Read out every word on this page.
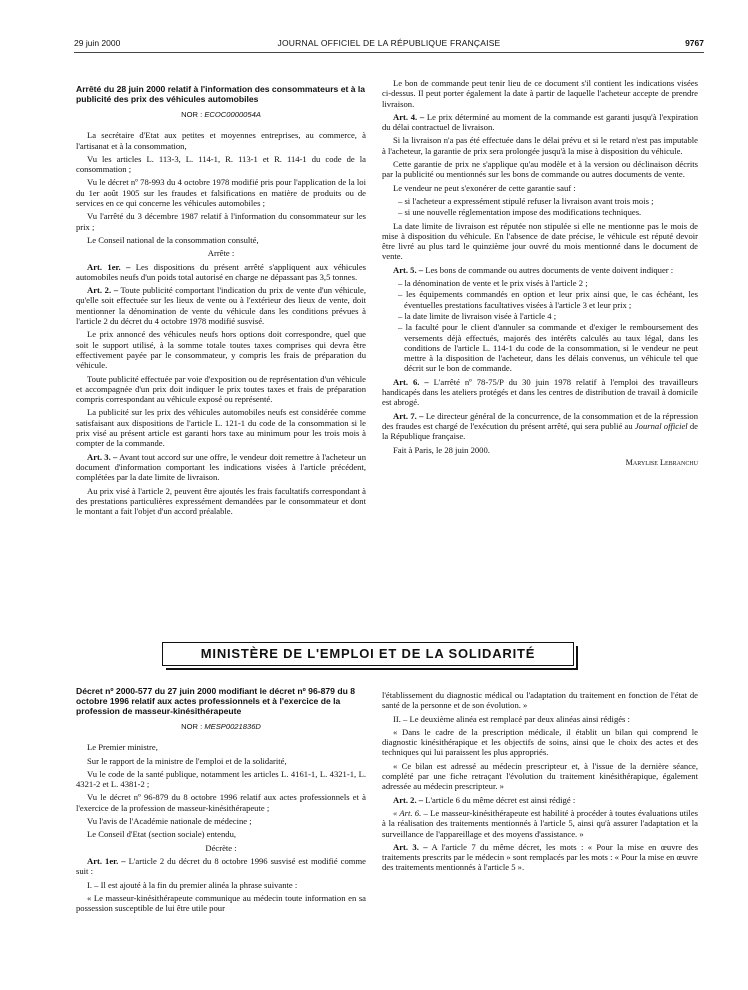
29 juin 2000	JOURNAL OFFICIEL DE LA RÉPUBLIQUE FRANÇAISE	9767
Arrêté du 28 juin 2000 relatif à l'information des consommateurs et à la publicité des prix des véhicules automobiles
NOR : ECOC0000054A

La secrétaire d'Etat aux petites et moyennes entreprises, au commerce, à l'artisanat et à la consommation,

Vu les articles L. 113-3, L. 114-1, R. 113-1 et R. 114-1 du code de la consommation ;

Vu le décret nº 78-993 du 4 octobre 1978 modifié pris pour l'application de la loi du 1er août 1905 sur les fraudes et falsifications en matière de produits ou de services en ce qui concerne les véhicules automobiles ;

Vu l'arrêté du 3 décembre 1987 relatif à l'information du consommateur sur les prix ;

Le Conseil national de la consommation consulté,

Arrête :

Art. 1er. – Les dispositions du présent arrêté s'appliquent aux véhicules automobiles neufs d'un poids total autorisé en charge ne dépassant pas 3,5 tonnes.

Art. 2. – Toute publicité comportant l'indication du prix de vente d'un véhicule, qu'elle soit effectuée sur les lieux de vente ou à l'extérieur des lieux de vente, doit mentionner la dénomination de vente du véhicule dans les conditions prévues à l'article 2 du décret du 4 octobre 1978 modifié susvisé.

Le prix annoncé des véhicules neufs hors options doit correspondre, quel que soit le support utilisé, à la somme totale toutes taxes comprises qui devra être effectivement payée par le consommateur, y compris les frais de préparation du véhicule.

Toute publicité effectuée par voie d'exposition ou de représentation d'un véhicule et accompagnée d'un prix doit indiquer le prix toutes taxes et frais de préparation compris correspondant au véhicule exposé ou représenté.

La publicité sur les prix des véhicules automobiles neufs est considérée comme satisfaisant aux dispositions de l'article L. 121-1 du code de la consommation si le prix visé au présent article est garanti hors taxe au minimum pour les trois mois à compter de la commande.

Art. 3. – Avant tout accord sur une offre, le vendeur doit remettre à l'acheteur un document d'information comportant les indications visées à l'article précédent, complétées par la date limite de livraison.

Au prix visé à l'article 2, peuvent être ajoutés les frais facultatifs correspondant à des prestations particulières expressément demandées par le consommateur et dont le montant a fait l'objet d'un accord préalable.

Le bon de commande peut tenir lieu de ce document s'il contient les indications visées ci-dessus. Il peut porter également la date à partir de laquelle l'acheteur accepte de prendre livraison.

Art. 4. – Le prix déterminé au moment de la commande est garanti jusqu'à l'expiration du délai contractuel de livraison.

Si la livraison n'a pas été effectuée dans le délai prévu et si le retard n'est pas imputable à l'acheteur, la garantie de prix sera prolongée jusqu'à la mise à disposition du véhicule.

Cette garantie de prix ne s'applique qu'au modèle et à la version ou déclinaison décrits par la publicité ou mentionnés sur les bons de commande ou autres documents de vente.

Le vendeur ne peut s'exonérer de cette garantie sauf :

– si l'acheteur a expressément stipulé refuser la livraison avant trois mois ;
– si une nouvelle réglementation impose des modifications techniques.

La date limite de livraison est réputée non stipulée si elle ne mentionne pas le mois de mise à disposition du véhicule. En l'absence de date précise, le véhicule est réputé devoir être livré au plus tard le quinzième jour ouvré du mois mentionné dans le document de vente.

Art. 5. – Les bons de commande ou autres documents de vente doivent indiquer :

– la dénomination de vente et le prix visés à l'article 2 ;
– les équipements commandés en option et leur prix ainsi que, le cas échéant, les éventuelles prestations facultatives visées à l'article 3 et leur prix ;
– la date limite de livraison visée à l'article 4 ;
– la faculté pour le client d'annuler sa commande et d'exiger le remboursement des versements déjà effectués, majorés des intérêts calculés au taux légal, dans les conditions de l'article L. 114-1 du code de la consommation, si le vendeur ne peut mettre à la disposition de l'acheteur, dans les délais convenus, un véhicule tel que décrit sur le bon de commande.

Art. 6. – L'arrêté nº 78-75/P du 30 juin 1978 relatif à l'emploi des travailleurs handicapés dans les ateliers protégés et dans les centres de distribution de travail à domicile est abrogé.

Art. 7. – Le directeur général de la concurrence, de la consommation et de la répression des fraudes est chargé de l'exécution du présent arrêté, qui sera publié au Journal officiel de la République française.

Fait à Paris, le 28 juin 2000.

Marylise Lebranchu
MINISTÈRE DE L'EMPLOI ET DE LA SOLIDARITÉ
Décret nº 2000-577 du 27 juin 2000 modifiant le décret nº 96-879 du 8 octobre 1996 relatif aux actes professionnels et à l'exercice de la profession de masseur-kinésithérapeute
NOR : MESP0021836D

Le Premier ministre,

Sur le rapport de la ministre de l'emploi et de la solidarité,

Vu le code de la santé publique, notamment les articles L. 4161-1, L. 4321-1, L. 4321-2 et L. 4381-2 ;

Vu le décret nº 96-879 du 8 octobre 1996 relatif aux actes professionnels et à l'exercice de la profession de masseur-kinésithérapeute ;

Vu l'avis de l'Académie nationale de médecine ;

Le Conseil d'Etat (section sociale) entendu,

Décrète :

Art. 1er. – L'article 2 du décret du 8 octobre 1996 susvisé est modifié comme suit :

I. – Il est ajouté à la fin du premier alinéa la phrase suivante :

« Le masseur-kinésithérapeute communique au médecin toute information en sa possession susceptible de lui être utile pour

l'établissement du diagnostic médical ou l'adaptation du traitement en fonction de l'état de santé de la personne et de son évolution. »

II. – Le deuxième alinéa est remplacé par deux alinéas ainsi rédigés :

« Dans le cadre de la prescription médicale, il établit un bilan qui comprend le diagnostic kinésithérapique et les objectifs de soins, ainsi que le choix des actes et des techniques qui lui paraissent les plus appropriés.

« Ce bilan est adressé au médecin prescripteur et, à l'issue de la dernière séance, complété par une fiche retraçant l'évolution du traitement kinésithérapique, également adressée au médecin prescripteur. »

Art. 2. – L'article 6 du même décret est ainsi rédigé :

« Art. 6. – Le masseur-kinésithérapeute est habilité à procéder à toutes évaluations utiles à la réalisation des traitements mentionnés à l'article 5, ainsi qu'à assurer l'adaptation et la surveillance de l'appareillage et des moyens d'assistance. »

Art. 3. – A l'article 7 du même décret, les mots : « Pour la mise en œuvre des traitements prescrits par le médecin » sont remplacés par les mots : « Pour la mise en œuvre des traitements mentionnés à l'article 5 ».
